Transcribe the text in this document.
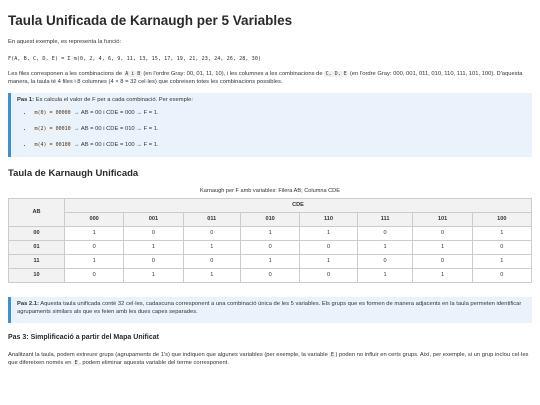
Taula Unificada de Karnaugh per 5 Variables

En aquest exemple, es representa la funció:

F(A, B, C, D, E) = Σ m(0, 2, 4, 6, 9, 11, 13, 15, 17, 19, 21, 23, 24, 26, 28, 30)

Les files corresponen a les combinacions de A i B (en l'ordre Gray: 00, 01, 11, 10), i les columnes a les combinacions de C, D, E (en l'ordre Gray: 000, 001, 011, 010, 110, 111, 101, 100). D'aquesta manera, la taula té 4 files i 8 columnes (4 × 8 = 32 cel·les) que cobreixen totes les combinacions possibles.

Pas 1: Es calcula el valor de F per a cada combinació. Per exemple:

• m(0) = 00000 → AB = 00 i CDE = 000 → F = 1.
• m(2) = 00010 → AB = 00 i CDE = 010 → F = 1.
• m(4) = 00100 → AB = 00 i CDE = 100 → F = 1.
Taula de Karnaugh Unificada
Karnaugh per F amb variables: Filera AB; Columna CDE
AB	CDE							
	000	001	011	010	110	111	101	100
00	1	0	0	1	1	0	0	1
01	0	1	1	0	0	1	1	0
11	1	0	0	1	1	0	0	1
10	0	1	1	0	0	1	1	0

Pas 2.1: Aquesta taula unificada conté 32 cel·les, cadascuna corresponent a una combinació única de les 5 variables. Els grups que es formen de manera adjacents en la taula permeten identificar agrupaments similars als que es feien amb les dues capes separades.

Pas 3: Simplificació a partir del Mapa Unificat

Analitzant la taula, podem extreure grups (agrupaments de 1's) que indiquen que algunes variables (per exemple, la variable E ) poden no influir en certs grups. Així, per exemple, si un grup inclou cel·les que difereixen només en E , podem eliminar aquesta variable del terme corresponent.
